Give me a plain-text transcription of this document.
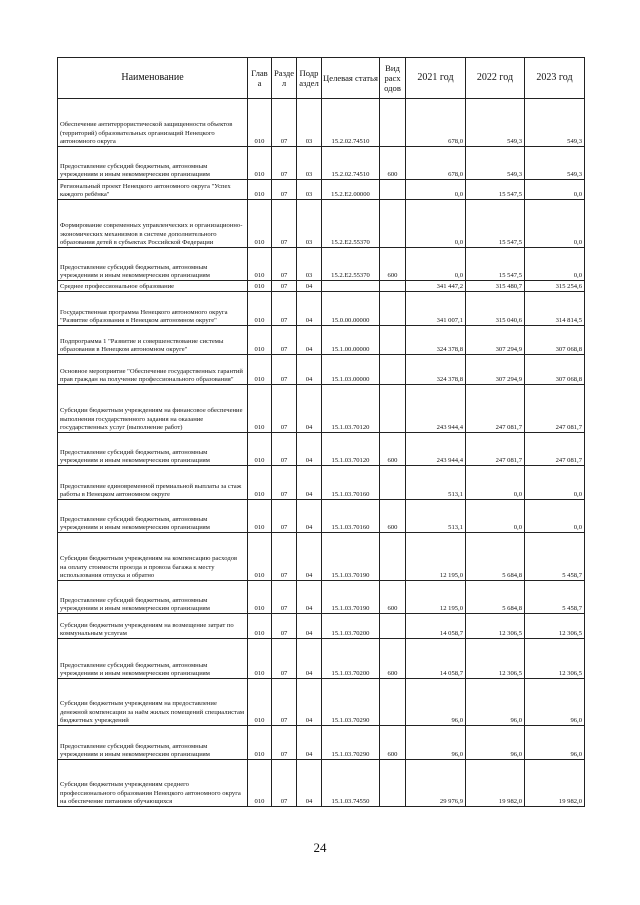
Наименование	Глав а	Разде л	Подр аздел	Целевая статья	Вид расх одов	2021 год	2022 год	2023 год
Обеспечение антитеррористической защищенности объектов (территорий) образовательных организаций Ненецкого автономного округа	010	07	03	15.2.02.74510		678,0	549,3	549,3
Предоставление субсидий бюджетным, автономным учреждениям и иным некоммерческим организациям	010	07	03	15.2.02.74510	600	678,0	549,3	549,3
Региональный проект Ненецкого автономного округа "Успех каждого ребёнка"	010	07	03	15.2.E2.00000		0,0	15 547,5	0,0
Формирование современных управленческих и организационно-экономических механизмов в системе дополнительного образования детей в субъектах Российской Федерации	010	07	03	15.2.E2.55370		0,0	15 547,5	0,0
Предоставление субсидий бюджетным, автономным учреждениям и иным некоммерческим организациям	010	07	03	15.2.E2.55370	600	0,0	15 547,5	0,0
Среднее профессиональное образование	010	07	04			341 447,2	315 480,7	315 254,6
Государственная программа Ненецкого автономного округа "Развитие образования в Ненецком автономном округе"	010	07	04	15.0.00.00000		341 007,1	315 040,6	314 814,5
Подпрограмма 1 "Развитие и совершенствование системы образования в Ненецком автономном округе"	010	07	04	15.1.00.00000		324 378,8	307 294,9	307 068,8
Основное мероприятие "Обеспечение государственных гарантий прав граждан на получение профессионального образования"	010	07	04	15.1.03.00000		324 378,8	307 294,9	307 068,8
Субсидии бюджетным учреждениям на финансовое обеспечение выполнения государственного задания на оказание государственных услуг (выполнение работ)	010	07	04	15.1.03.70120		243 944,4	247 081,7	247 081,7
Предоставление субсидий бюджетным, автономным учреждениям и иным некоммерческим организациям	010	07	04	15.1.03.70120	600	243 944,4	247 081,7	247 081,7
Предоставление единовременной премиальной выплаты за стаж работы в Ненецком автономном округе	010	07	04	15.1.03.70160		513,1	0,0	0,0
Предоставление субсидий бюджетным, автономным учреждениям и иным некоммерческим организациям	010	07	04	15.1.03.70160	600	513,1	0,0	0,0
Субсидии бюджетным учреждениям на компенсацию расходов на оплату стоимости проезда и провоза багажа к месту использования отпуска и обратно	010	07	04	15.1.03.70190		12 195,0	5 684,8	5 458,7
Предоставление субсидий бюджетным, автономным учреждениям и иным некоммерческим организациям	010	07	04	15.1.03.70190	600	12 195,0	5 684,8	5 458,7
Субсидии бюджетным учреждениям на возмещение затрат по коммунальным услугам	010	07	04	15.1.03.70200		14 058,7	12 306,5	12 306,5
Предоставление субсидий бюджетным, автономным учреждениям и иным некоммерческим организациям	010	07	04	15.1.03.70200	600	14 058,7	12 306,5	12 306,5
Субсидии бюджетным учреждениям на предоставление денежной компенсации за наём жилых помещений специалистам бюджетных учреждений	010	07	04	15.1.03.70290		96,0	96,0	96,0
Предоставление субсидий бюджетным, автономным учреждениям и иным некоммерческим организациям	010	07	04	15.1.03.70290	600	96,0	96,0	96,0
Субсидии бюджетным учреждениям среднего профессионального образования Ненецкого автономного округа на обеспечение питанием обучающихся	010	07	04	15.1.03.74550		29 976,9	19 982,0	19 982,0
24
